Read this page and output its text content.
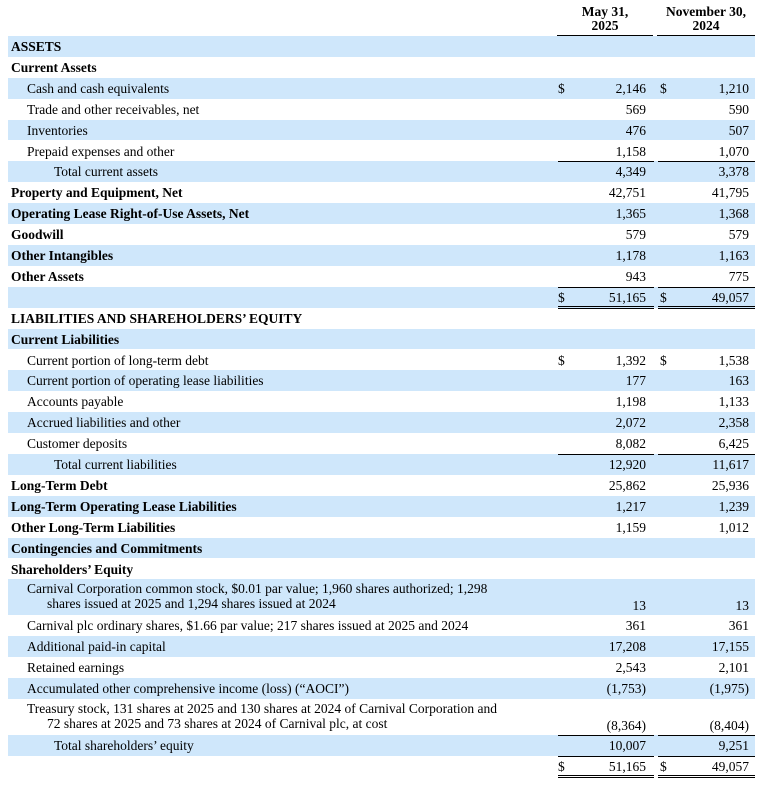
May 31,
2025
November 30,
2024
ASSETS
Current Assets
Cash and cash equivalents	$	2,146 $	1,210
Trade and other receivables, net	569	590
Inventories	476	507
Prepaid expenses and other	1,158	1,070
Total current assets	4,349	3,378
Property and Equipment, Net	42,751	41,795
Operating Lease Right-of-Use Assets, Net	1,365	1,368
Goodwill	579	579
Other Intangibles	1,178	1,163
Other Assets	943	775
$	51,165 $	49,057
LIABILITIES AND SHAREHOLDERS’ EQUITY
Current Liabilities
Current portion of long-term debt	$	1,392 $	1,538
Current portion of operating lease liabilities	177	163
Accounts payable	1,198	1,133
Accrued liabilities and other	2,072	2,358
Customer deposits	8,082	6,425
Total current liabilities	12,920	11,617
Long-Term Debt	25,862	25,936
Long-Term Operating Lease Liabilities	1,217	1,239
Other Long-Term Liabilities	1,159	1,012
Contingencies and Commitments
Shareholders’ Equity
Carnival Corporation common stock, $0.01 par value; 1,960 shares authorized; 1,298
shares issued at 2025 and 1,294 shares issued at 2024	13	13
Carnival plc ordinary shares, $1.66 par value; 217 shares issued at 2025 and 2024	361	361
Additional paid-in capital	17,208	17,155
Retained earnings	2,543	2,101
Accumulated other comprehensive income (loss) (“AOCI”)	(1,753)	(1,975)
Treasury stock, 131 shares at 2025 and 130 shares at 2024 of Carnival Corporation and
72 shares at 2025 and 73 shares at 2024 of Carnival plc, at cost	(8,364)	(8,404)
Total shareholders’ equity	10,007	9,251
$	51,165 $	49,057
